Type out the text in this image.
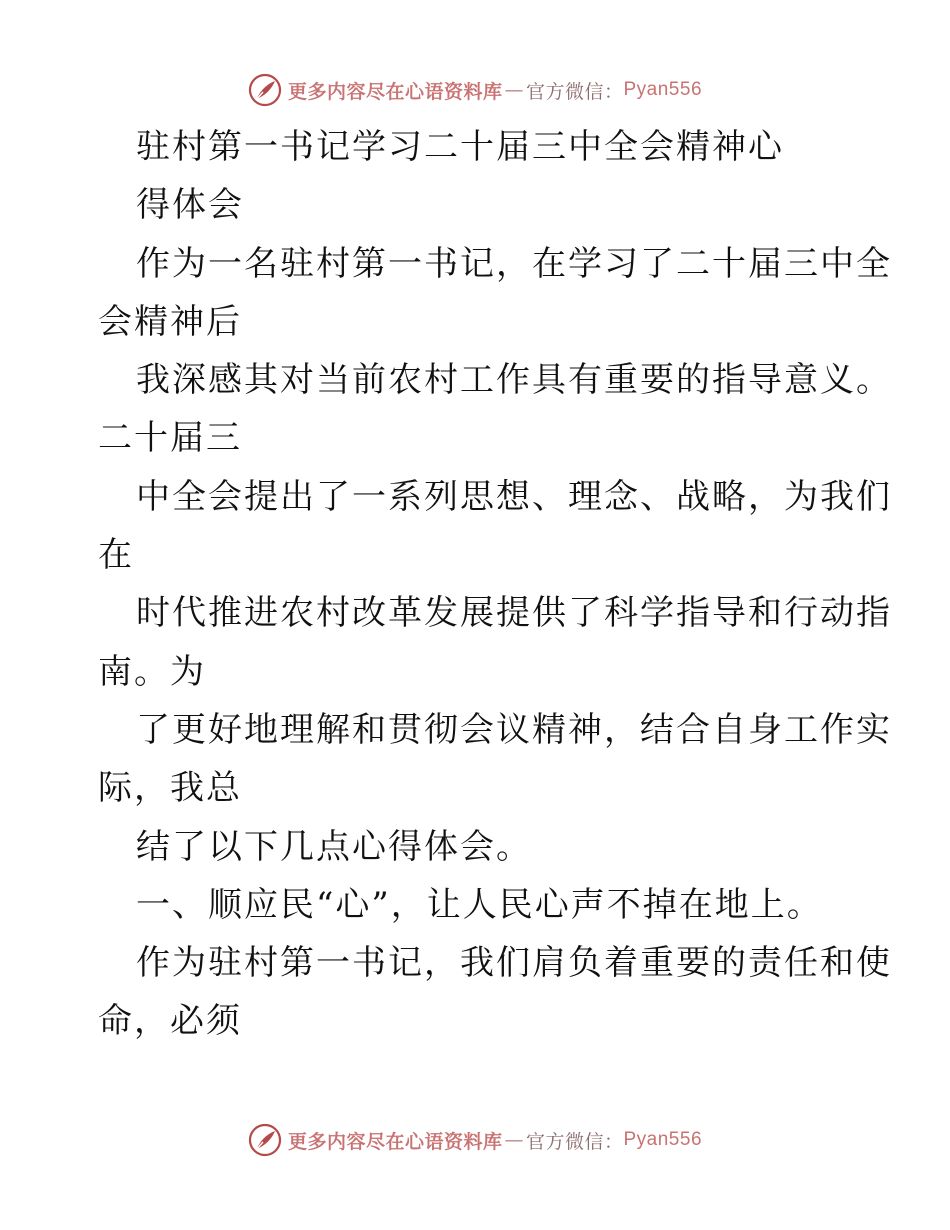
更多内容尽在心语资料库 — 官方微信： Pyan556
驻村第一书记学习二十届三中全会精神心
得体会
作为一名驻村第一书记，在学习了二十届三中全
会精神后
我深感其对当前农村工作具有重要的指导意义。
二十届三
中全会提出了一系列思想、理念、战略，为我们
在
时代推进农村改革发展提供了科学指导和行动指
南。为
了更好地理解和贯彻会议精神，结合自身工作实
际，我总
结了以下几点心得体会。
一、顺应民“心”，让人民心声不掉在地上。
作为驻村第一书记，我们肩负着重要的责任和使
命，必须
更多内容尽在心语资料库 — 官方微信： Pyan556
